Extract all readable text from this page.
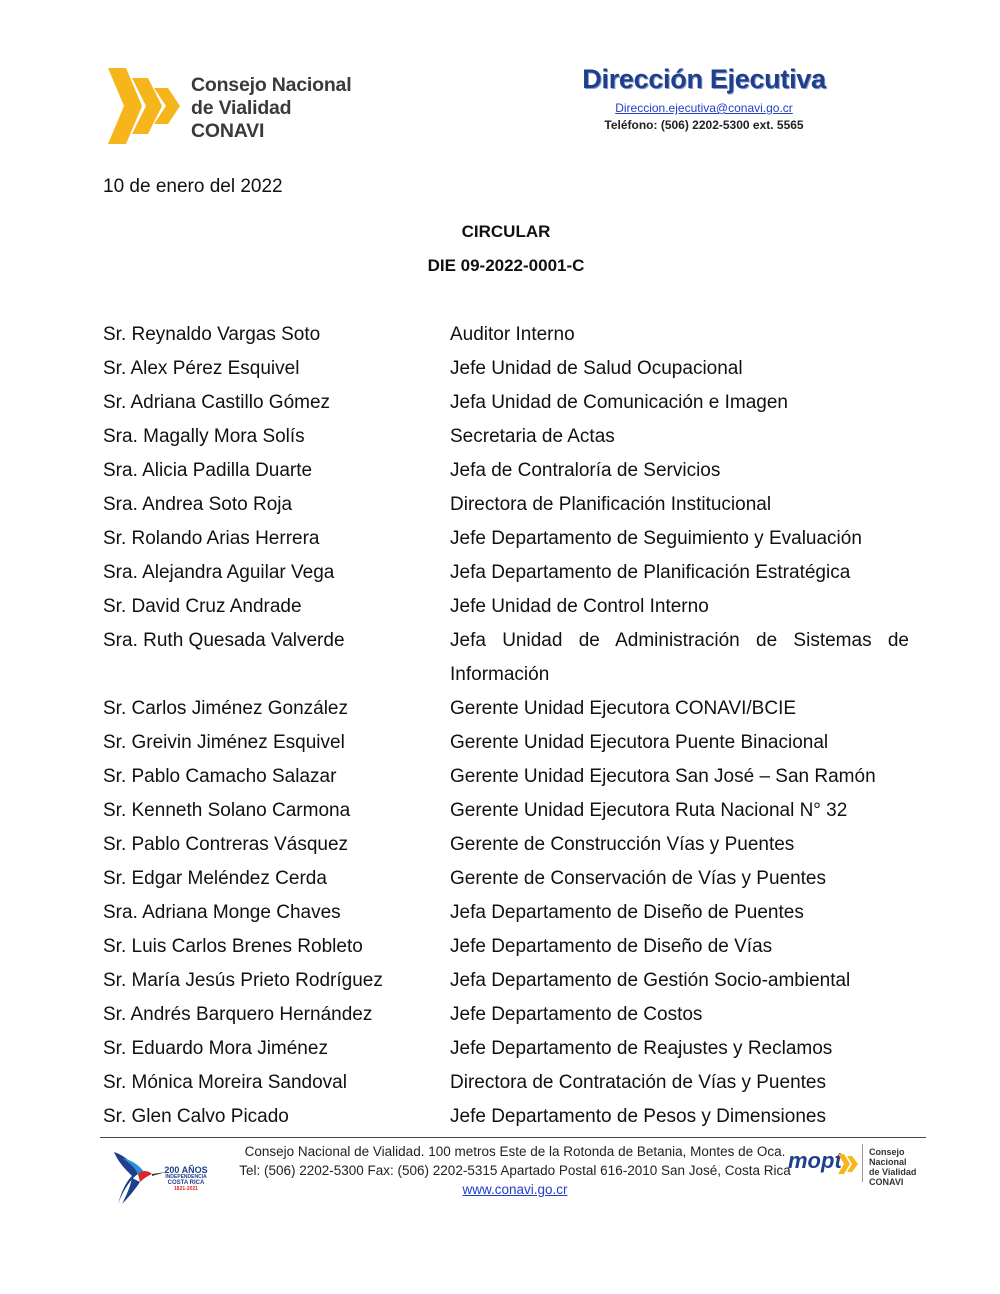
Consejo Nacional
de Vialidad
CONAVI
Dirección Ejecutiva
Direccion.ejecutiva@conavi.go.cr
Teléfono: (506) 2202-5300 ext. 5565
10 de enero del 2022
CIRCULAR
DIE 09-2022-0001-C
Sr. Reynaldo Vargas Soto	Auditor Interno
Sr. Alex Pérez Esquivel	Jefe Unidad de Salud Ocupacional
Sr. Adriana Castillo Gómez	Jefa Unidad de Comunicación e Imagen
Sra. Magally Mora Solís	Secretaria de Actas
Sra. Alicia Padilla Duarte	Jefa de Contraloría de Servicios
Sra. Andrea Soto Roja	Directora de Planificación Institucional
Sr. Rolando Arias Herrera	Jefe Departamento de Seguimiento y Evaluación
Sra. Alejandra Aguilar Vega	Jefa Departamento de Planificación Estratégica
Sr. David Cruz Andrade	Jefe Unidad de Control Interno
Sra. Ruth Quesada Valverde	Jefa Unidad de Administración de Sistemas de Información
Sr. Carlos Jiménez González	Gerente Unidad Ejecutora CONAVI/BCIE
Sr. Greivin Jiménez Esquivel	Gerente Unidad Ejecutora Puente Binacional
Sr. Pablo Camacho Salazar	Gerente Unidad Ejecutora San José – San Ramón
Sr. Kenneth Solano Carmona	Gerente Unidad Ejecutora Ruta Nacional N° 32
Sr. Pablo Contreras Vásquez	Gerente de Construcción Vías y Puentes
Sr. Edgar Meléndez Cerda	Gerente de Conservación de Vías y Puentes
Sra. Adriana Monge Chaves	Jefa Departamento de Diseño de Puentes
Sr. Luis Carlos Brenes Robleto	Jefe Departamento de Diseño de Vías
Sr. María Jesús Prieto Rodríguez	Jefa Departamento de Gestión Socio-ambiental
Sr. Andrés Barquero Hernández	Jefe Departamento de Costos
Sr. Eduardo Mora Jiménez	Jefe Departamento de Reajustes y Reclamos
Sr. Mónica Moreira Sandoval	Directora de Contratación de Vías y Puentes
Sr. Glen Calvo Picado	Jefe Departamento de Pesos y Dimensiones
200 AÑOS
INDEPENDENCIA
COSTA RICA
1821-2021
Consejo Nacional de Vialidad. 100 metros Este de la Rotonda de Betania, Montes de Oca.
Tel: (506) 2202-5300 Fax: (506) 2202-5315 Apartado Postal 616-2010 San José, Costa Rica
www.conavi.go.cr
mopt	Consejo Nacional
de Vialidad
CONAVI
